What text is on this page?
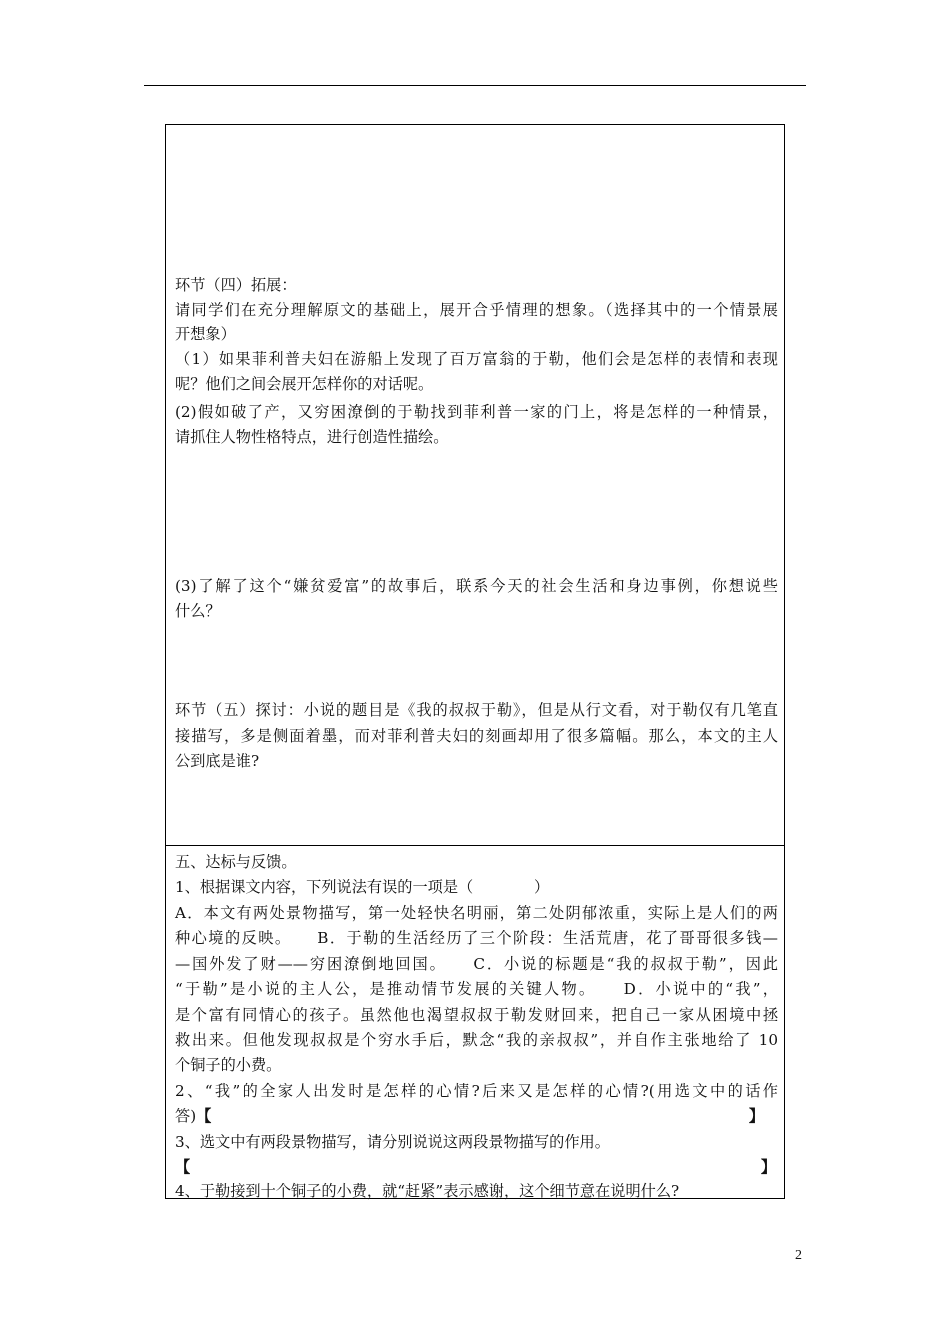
环节（四）拓展：
请同学们在充分理解原文的基础上，展开合乎情理的想象。（选择其中的一个情景展
开想象）
（1）如果菲利普夫妇在游船上发现了百万富翁的于勒，他们会是怎样的表情和表现
呢？他们之间会展开怎样你的对话呢。
(2)假如破了产，又穷困潦倒的于勒找到菲利普一家的门上，将是怎样的一种情景，
请抓住人物性格特点，进行创造性描绘。
(3)了解了这个“嫌贫爱富”的故事后，联系今天的社会生活和身边事例，你想说些
什么？
环节（五）探讨：小说的题目是《我的叔叔于勒》，但是从行文看，对于勒仅有几笔直
接描写，多是侧面着墨，而对菲利普夫妇的刻画却用了很多篇幅。那么，本文的主人
公到底是谁?
五、达标与反馈。
1、根据课文内容，下列说法有误的一项是（　　　　）
A．本文有两处景物描写，第一处轻快名明丽，第二处阴郁浓重，实际上是人们的两
种心境的反映。　　B．于勒的生活经历了三个阶段：生活荒唐，花了哥哥很多钱—
—国外发了财——穷困潦倒地回国。　　C．小说的标题是“我的叔叔于勒”，因此
“于勒”是小说的主人公，是推动情节发展的关键人物。　　D．小说中的“我”，
是个富有同情心的孩子。虽然他也渴望叔叔于勒发财回来，把自己一家从困境中拯
救出来。但他发现叔叔是个穷水手后，默念“我的亲叔叔”，并自作主张地给了 10
个铜子的小费。
2、“我”的全家人出发时是怎样的心情?后来又是怎样的心情?(用选文中的话作
答)【	】
3、选文中有两段景物描写，请分别说说这两段景物描写的作用。
【	】
4、于勒接到十个铜子的小费，就“赶紧”表示感谢，这个细节意在说明什么?
2
